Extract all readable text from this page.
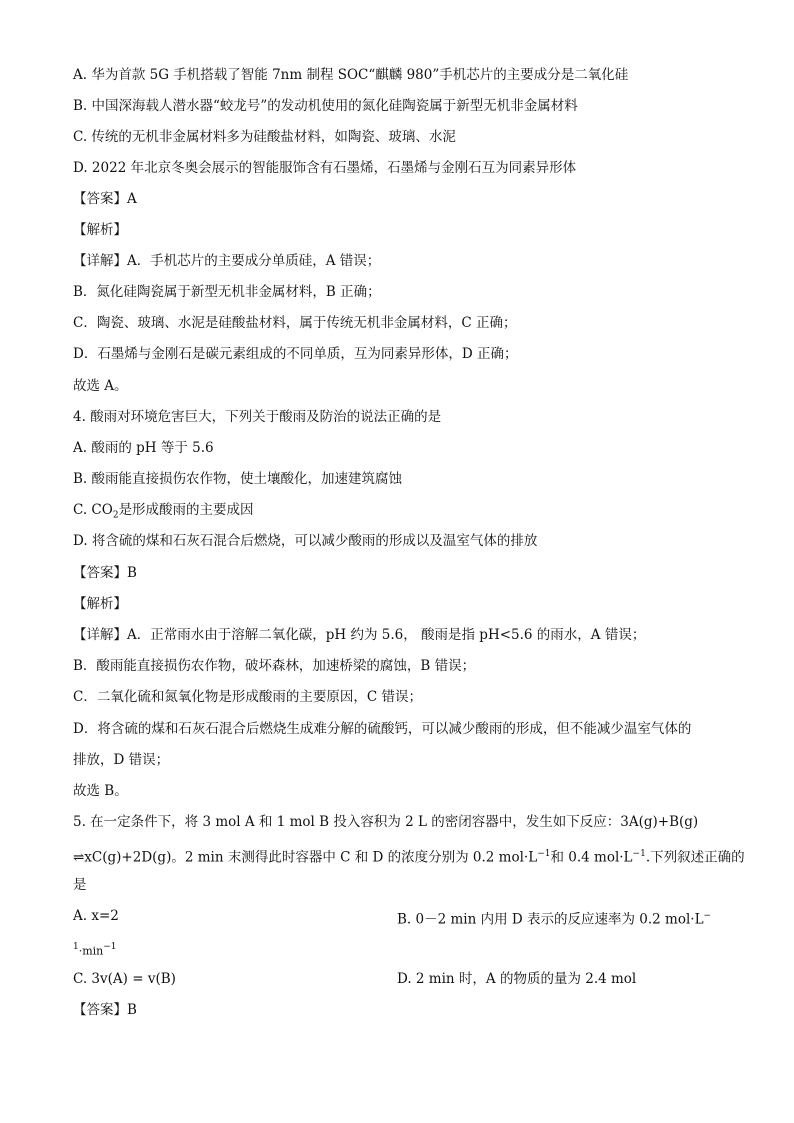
A. 华为首款 5G 手机搭载了智能 7nm 制程 SOC“麒麟 980”手机芯片的主要成分是二氧化硅
B. 中国深海载人潜水器“蛟龙号”的发动机使用的氮化硅陶瓷属于新型无机非金属材料
C. 传统的无机非金属材料多为硅酸盐材料，如陶瓷、玻璃、水泥
D. 2022 年北京冬奥会展示的智能服饰含有石墨烯，石墨烯与金刚石互为同素异形体
【答案】A
【解析】
【详解】A．手机芯片的主要成分单质硅，A 错误；
B．氮化硅陶瓷属于新型无机非金属材料，B 正确；
C．陶瓷、玻璃、水泥是硅酸盐材料，属于传统无机非金属材料，C 正确；
D．石墨烯与金刚石是碳元素组成的不同单质，互为同素异形体，D 正确；
故选 A。
4. 酸雨对环境危害巨大，下列关于酸雨及防治的说法正确的是
A. 酸雨的 pH 等于 5.6
B. 酸雨能直接损伤农作物，使土壤酸化，加速建筑腐蚀
C. $CO_2$是形成酸雨的主要成因
D. 将含硫的煤和石灰石混合后燃烧，可以减少酸雨的形成以及温室气体的排放
【答案】B
【解析】
【详解】A．正常雨水由于溶解二氧化碳，pH 约为 5.6， 酸雨是指 pH<5.6 的雨水，A 错误；
B．酸雨能直接损伤农作物，破坏森林，加速桥梁的腐蚀，B 错误；
C．二氧化硫和氮氧化物是形成酸雨的主要原因，C 错误；
D．将含硫的煤和石灰石混合后燃烧生成难分解的硫酸钙，可以减少酸雨的形成，但不能减少温室气体的
排放，D 错误；
故选 B。
5. 在一定条件下，将 3 mol A 和 1 mol B 投入容积为 2 L 的密闭容器中，发生如下反应：3A(g)+B(g)
⇌xC(g)+2D(g)。2 min 末测得此时容器中 C 和 D 的浓度分别为 0.2 $mol\cdot L^{-1}$和 0.4 $mol\cdot L^{-1}$.下列叙述正确的
是
A. x=2	B. 0－2 min 内用 D 表示的反应速率为 0.2 mol·L−
$^1\cdot\min^{-1}$
C. 3v(A) = v(B)	D. 2 min 时，A 的物质的量为 2.4 mol
【答案】B
